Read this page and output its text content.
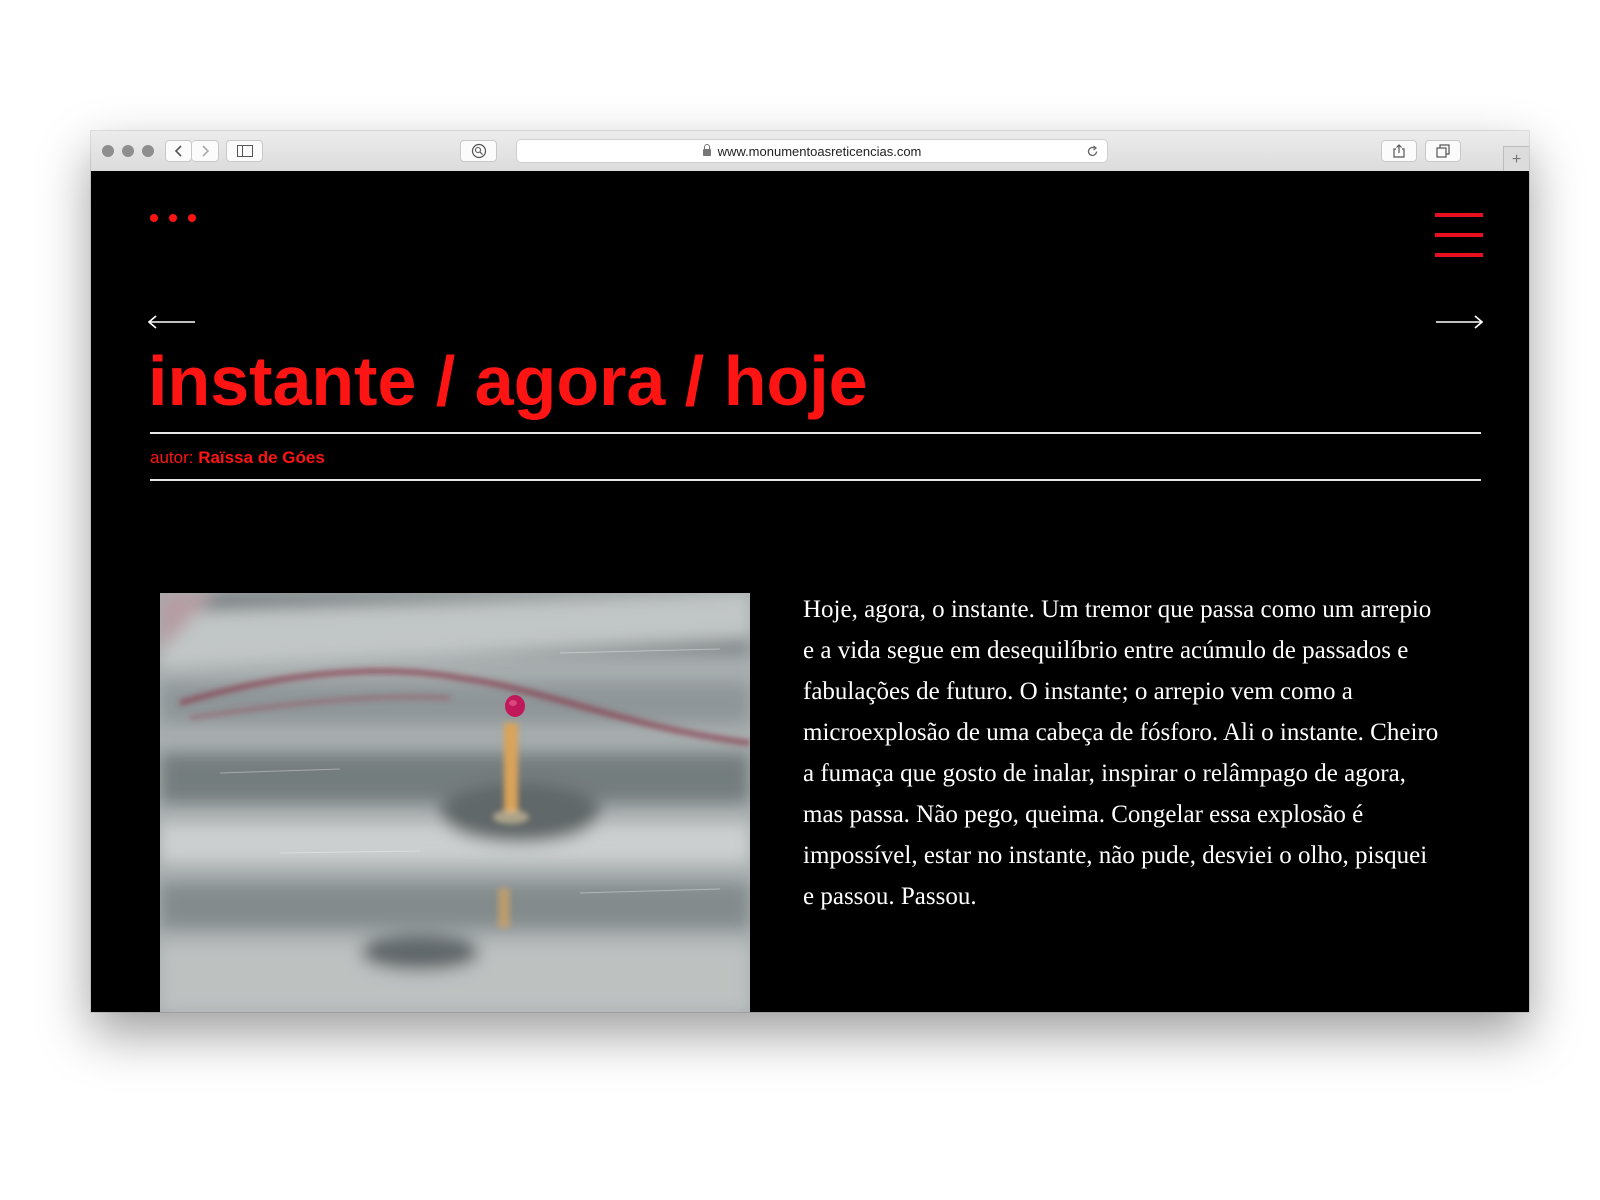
www.monumentoasreticencias.com	+
instante / agora / hoje
autor: Raïssa de Góes

Hoje, agora, o instante. Um tremor que passa como um arrepio e a vida segue em desequilíbrio entre acúmulo de passados e fabulações de futuro. O instante; o arrepio vem como a microexplosão de uma cabeça de fósforo. Ali o instante. Cheiro a fumaça que gosto de inalar, inspirar o relâmpago de agora, mas passa. Não pego, queima. Congelar essa explosão é impossível, estar no instante, não pude, desviei o olho, pisquei e passou. Passou.
